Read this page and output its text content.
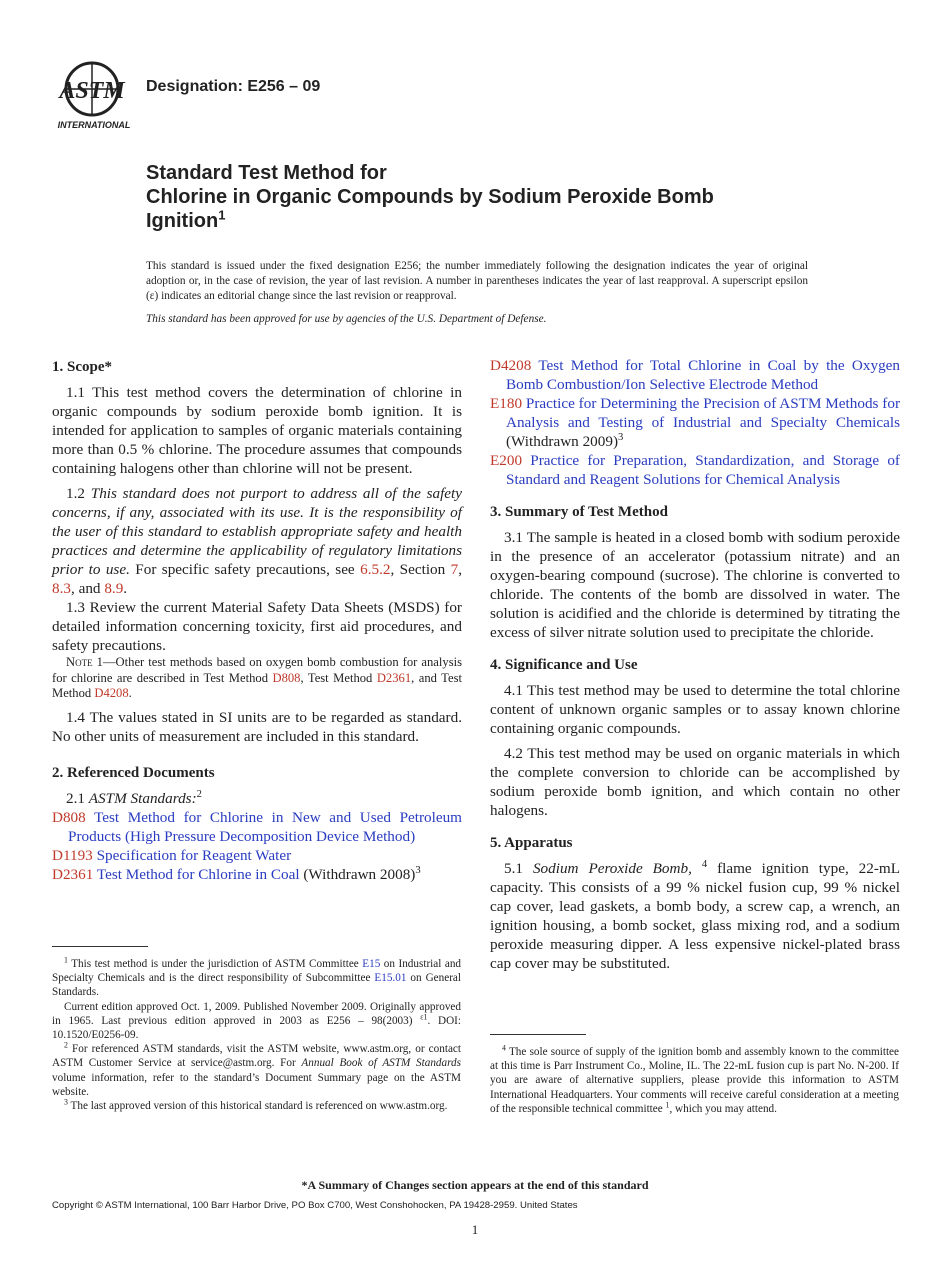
ASTM
INTERNATIONAL
Designation: E256 – 09
Standard Test Method for
Chlorine in Organic Compounds by Sodium Peroxide Bomb
Ignition$^1$

This standard is issued under the fixed designation E256; the number immediately following the designation indicates the year of original adoption or, in the case of revision, the year of last revision. A number in parentheses indicates the year of last reapproval. A superscript epsilon (ε) indicates an editorial change since the last revision or reapproval.

This standard has been approved for use by agencies of the U.S. Department of Defense.

1. Scope*

1.1 This test method covers the determination of chlorine in organic compounds by sodium peroxide bomb ignition. It is intended for application to samples of organic materials containing more than 0.5 % chlorine. The procedure assumes that compounds containing halogens other than chlorine will not be present.

1.2 This standard does not purport to address all of the safety concerns, if any, associated with its use. It is the responsibility of the user of this standard to establish appropriate safety and health practices and determine the applicability of regulatory limitations prior to use. For specific safety precautions, see 6.5.2, Section 7, 8.3, and 8.9.

1.3 Review the current Material Safety Data Sheets (MSDS) for detailed information concerning toxicity, first aid procedures, and safety precautions.

Note 1—Other test methods based on oxygen bomb combustion for analysis for chlorine are described in Test Method D808, Test Method D2361, and Test Method D4208.

1.4 The values stated in SI units are to be regarded as standard. No other units of measurement are included in this standard.

2. Referenced Documents

2.1 ASTM Standards:$^2$

D808 Test Method for Chlorine in New and Used Petroleum Products (High Pressure Decomposition Device Method)

D1193 Specification for Reagent Water

D2361 Test Method for Chlorine in Coal (Withdrawn 2008)$^3$

D4208 Test Method for Total Chlorine in Coal by the Oxygen Bomb Combustion/Ion Selective Electrode Method

E180 Practice for Determining the Precision of ASTM Methods for Analysis and Testing of Industrial and Specialty Chemicals (Withdrawn 2009)$^3$

E200 Practice for Preparation, Standardization, and Storage of Standard and Reagent Solutions for Chemical Analysis

3. Summary of Test Method

3.1 The sample is heated in a closed bomb with sodium peroxide in the presence of an accelerator (potassium nitrate) and an oxygen-bearing compound (sucrose). The chlorine is converted to chloride. The contents of the bomb are dissolved in water. The solution is acidified and the chloride is determined by titrating the excess of silver nitrate solution used to precipitate the chloride.

4. Significance and Use

4.1 This test method may be used to determine the total chlorine content of unknown organic samples or to assay known chlorine containing organic compounds.

4.2 This test method may be used on organic materials in which the complete conversion to chloride can be accomplished by sodium peroxide bomb ignition, and which contain no other halogens.

5. Apparatus

5.1 Sodium Peroxide Bomb, $^4$ flame ignition type, 22-mL capacity. This consists of a 99 % nickel fusion cup, 99 % nickel cap cover, lead gaskets, a bomb body, a screw cap, a wrench, an ignition housing, a bomb socket, glass mixing rod, and a sodium peroxide measuring dipper. A less expensive nickel-plated brass cap cover may be substituted.

$^1$ This test method is under the jurisdiction of ASTM Committee E15 on Industrial and Specialty Chemicals and is the direct responsibility of Subcommittee E15.01 on General Standards.

Current edition approved Oct. 1, 2009. Published November 2009. Originally approved in 1965. Last previous edition approved in 2003 as E256 – 98(2003) $^{\varepsilon 1}$. DOI: 10.1520/E0256-09.

$^2$ For referenced ASTM standards, visit the ASTM website, www.astm.org, or contact ASTM Customer Service at service@astm.org. For Annual Book of ASTM Standards volume information, refer to the standard’s Document Summary page on the ASTM website.

$^3$ The last approved version of this historical standard is referenced on www.astm.org.

$^4$ The sole source of supply of the ignition bomb and assembly known to the committee at this time is Parr Instrument Co., Moline, IL. The 22-mL fusion cup is part No. N-200. If you are aware of alternative suppliers, please provide this information to ASTM International Headquarters. Your comments will receive careful consideration at a meeting of the responsible technical committee $^1$, which you may attend.

*A Summary of Changes section appears at the end of this standard

Copyright © ASTM International, 100 Barr Harbor Drive, PO Box C700, West Conshohocken, PA 19428-2959. United States

1
